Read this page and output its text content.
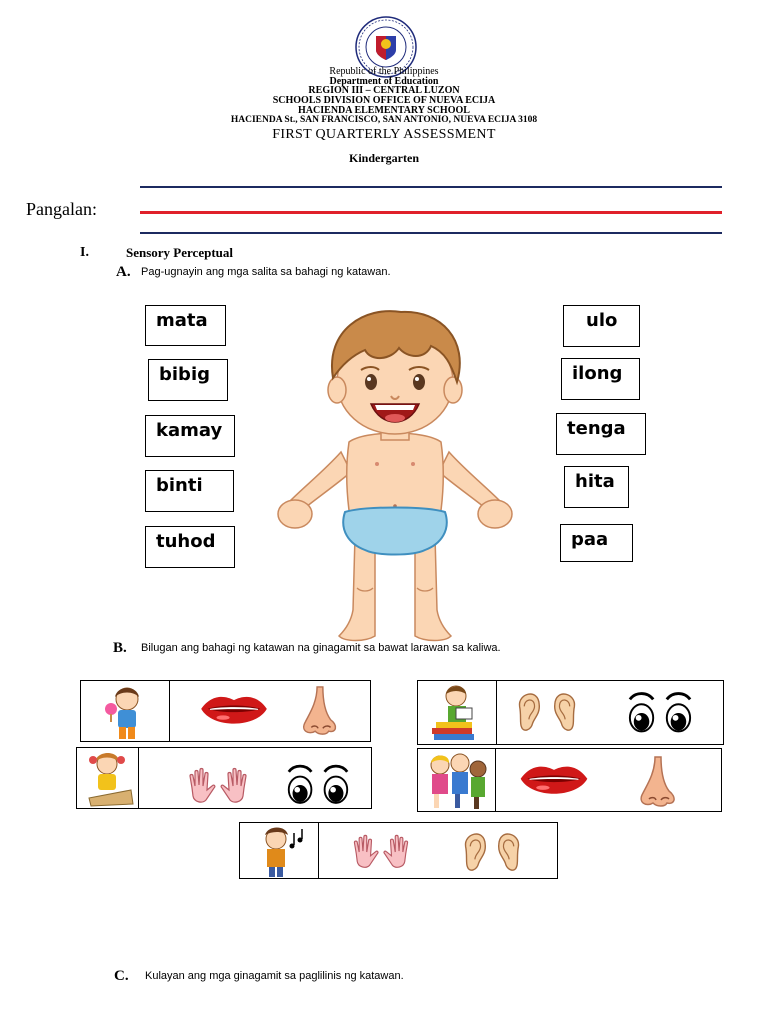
Republic of the Philippines
Department of Education
REGION III – CENTRAL LUZON
SCHOOLS DIVISION OFFICE OF NUEVA ECIJA
HACIENDA ELEMENTARY SCHOOL
HACIENDA St., SAN FRANCISCO, SAN ANTONIO, NUEVA ECIJA 3108
FIRST QUARTERLY ASSESSMENT
Kindergarten
Pangalan:
I.	Sensory Perceptual
A. Pag-ugnayin ang mga salita sa bahagi ng katawan.
mata
bibig
kamay
binti
tuhod
ulo
ilong
tenga
hita
paa
B. Bilugan ang bahagi ng katawan na ginagamit sa bawat larawan sa kaliwa.
C. Kulayan ang mga ginagamit sa paglilinis ng katawan.
